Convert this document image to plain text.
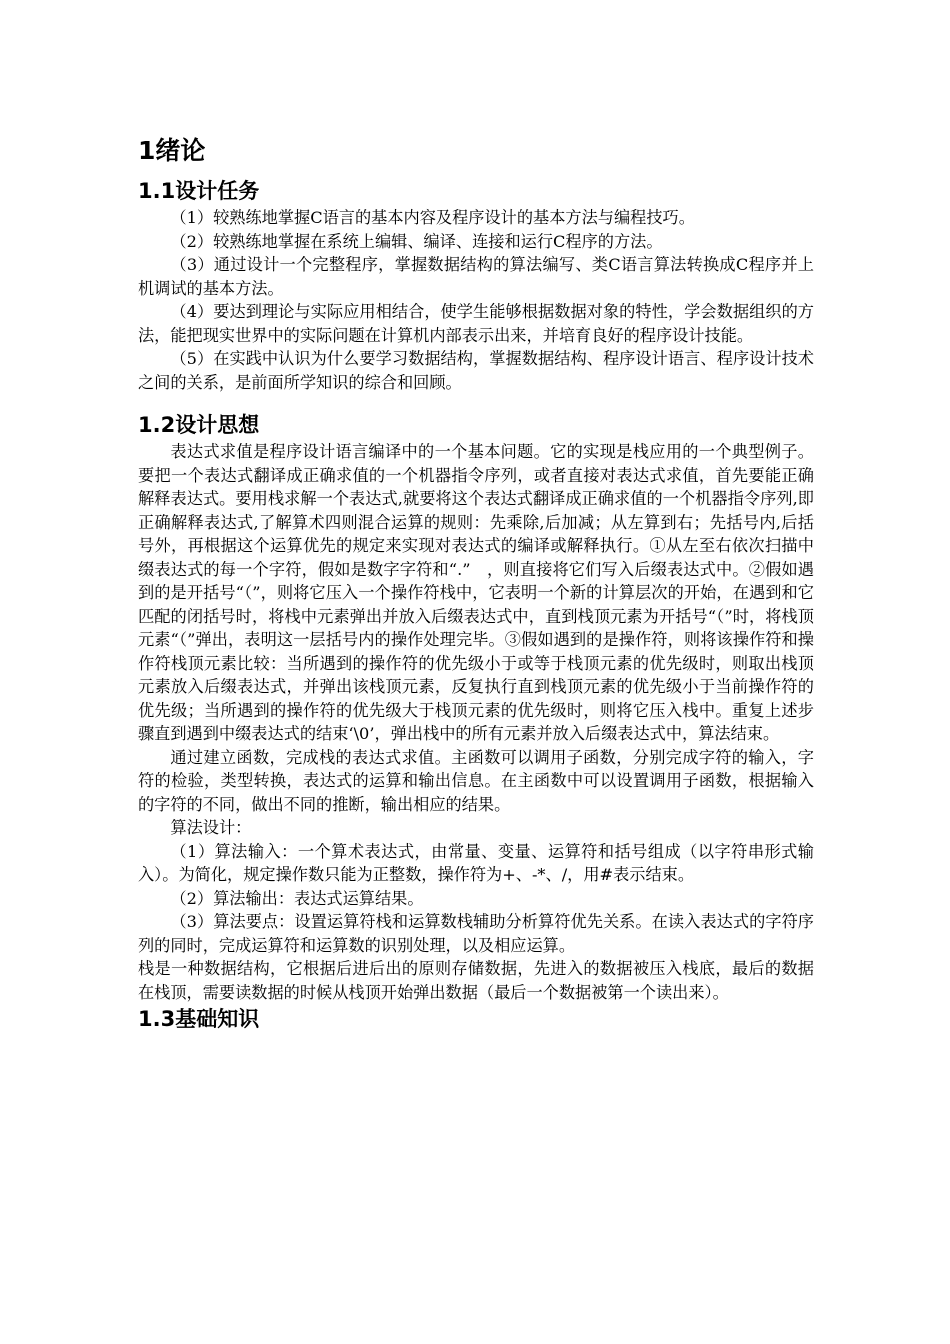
1绪论
1.1设计任务

（1）较熟练地掌握C语言的基本内容及程序设计的基本方法与编程技巧。

（2）较熟练地掌握在系统上编辑、编译、连接和运行C程序的方法。

（3）通过设计一个完整程序，掌握数据结构的算法编写、类C语言算法转换成C程序并上机调试的基本方法。

（4）要达到理论与实际应用相结合，使学生能够根据数据对象的特性，学会数据组织的方法，能把现实世界中的实际问题在计算机内部表示出来，并培育良好的程序设计技能。

（5）在实践中认识为什么要学习数据结构，掌握数据结构、程序设计语言、程序设计技术之间的关系，是前面所学知识的综合和回顾。

1.2设计思想

表达式求值是程序设计语言编译中的一个基本问题。它的实现是栈应用的一个典型例子。要把一个表达式翻译成正确求值的一个机器指令序列，或者直接对表达式求值，首先要能正确解释表达式。要用栈求解一个表达式,就要将这个表达式翻译成正确求值的一个机器指令序列,即正确解释表达式,了解算术四则混合运算的规则：先乘除,后加减；从左算到右；先括号内,后括号外，再根据这个运算优先的规定来实现对表达式的编译或解释执行。①从左至右依次扫描中缀表达式的每一个字符，假如是数字字符和“.”　，则直接将它们写入后缀表达式中。②假如遇到的是开括号“（”，则将它压入一个操作符栈中，它表明一个新的计算层次的开始，在遇到和它匹配的闭括号时，将栈中元素弹出并放入后缀表达式中，直到栈顶元素为开括号“（”时，将栈顶元素“（”弹出，表明这一层括号内的操作处理完毕。③假如遇到的是操作符，则将该操作符和操作符栈顶元素比较：当所遇到的操作符的优先级小于或等于栈顶元素的优先级时，则取出栈顶元素放入后缀表达式，并弹出该栈顶元素，反复执行直到栈顶元素的优先级小于当前操作符的优先级；当所遇到的操作符的优先级大于栈顶元素的优先级时，则将它压入栈中。重复上述步骤直到遇到中缀表达式的结束‘\0’，弹出栈中的所有元素并放入后缀表达式中，算法结束。

通过建立函数，完成栈的表达式求值。主函数可以调用子函数，分别完成字符的输入，字符的检验，类型转换，表达式的运算和输出信息。在主函数中可以设置调用子函数，根据输入的字符的不同，做出不同的推断，输出相应的结果。

算法设计：

（1）算法输入：一个算术表达式，由常量、变量、运算符和括号组成（以字符串形式输入）。为简化，规定操作数只能为正整数，操作符为+、-*、/，用#表示结束。

（2）算法输出：表达式运算结果。

（3）算法要点：设置运算符栈和运算数栈辅助分析算符优先关系。在读入表达式的字符序列的同时，完成运算符和运算数的识别处理，以及相应运算。

栈是一种数据结构，它根据后进后出的原则存储数据，先进入的数据被压入栈底，最后的数据在栈顶，需要读数据的时候从栈顶开始弹出数据（最后一个数据被第一个读出来）。

1.3基础知识
